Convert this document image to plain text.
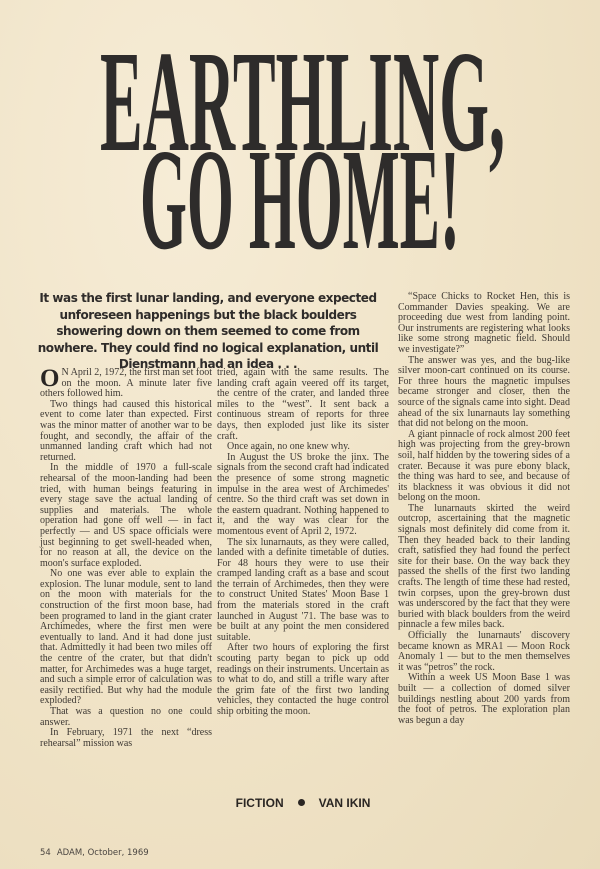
EARTHLING,
GO HOME!
It was the first lunar landing, and everyone expected unforeseen happenings but the black boulders showering down on them seemed to come from nowhere. They could find no logical explanation, until Dienstmann had an idea . . .

O N April 2, 1972, the first man set foot on the moon. A minute later five others followed him.

Two things had caused this historical event to come later than expected. First was the minor matter of another war to be fought, and secondly, the affair of the unmanned landing craft which had not returned.

In the middle of 1970 a full-scale rehearsal of the moon-landing had been tried, with human beings featuring in every stage save the actual landing of supplies and materials. The whole operation had gone off well — in fact perfectly — and US space officials were just beginning to get swell-headed when, for no reason at all, the device on the moon's surface exploded.

No one was ever able to explain the explosion. The lunar module, sent to land on the moon with materials for the construction of the first moon base, had been programed to land in the giant crater Archimedes, where the first men were eventually to land. And it had done just that. Admittedly it had been two miles off the centre of the crater, but that didn't matter, for Archimedes was a huge target, and such a simple error of calculation was easily rectified. But why had the module exploded?

That was a question no one could answer.

In February, 1971 the next “dress rehearsal” mission was

tried, again with the same results. The landing craft again veered off its target, the centre of the crater, and landed three miles to the “west”. It sent back a continuous stream of reports for three days, then exploded just like its sister craft.

Once again, no one knew why.

In August the US broke the jinx. The signals from the second craft had indicated the presence of some strong magnetic impulse in the area west of Archimedes' centre. So the third craft was set down in the eastern quadrant. Nothing happened to it, and the way was clear for the momentous event of April 2, 1972.

The six lunarnauts, as they were called, landed with a definite timetable of duties. For 48 hours they were to use their cramped landing craft as a base and scout the terrain of Archimedes, then they were to construct United States' Moon Base 1 from the materials stored in the craft launched in August '71. The base was to be built at any point the men considered suitable.

After two hours of exploring the first scouting party began to pick up odd readings on their instruments. Uncertain as to what to do, and still a trifle wary after the grim fate of the first two landing vehicles, they contacted the huge control ship orbiting the moon.

“Space Chicks to Rocket Hen, this is Commander Davies speaking. We are proceeding due west from landing point. Our instruments are registering what looks like some strong magnetic field. Should we investigate?”

The answer was yes, and the bug-like silver moon-cart continued on its course. For three hours the magnetic impulses became stronger and closer, then the source of the signals came into sight. Dead ahead of the six lunarnauts lay something that did not belong on the moon.

A giant pinnacle of rock almost 200 feet high was projecting from the grey-brown soil, half hidden by the towering sides of a crater. Because it was pure ebony black, the thing was hard to see, and because of its blackness it was obvious it did not belong on the moon.

The lunarnauts skirted the weird outcrop, ascertaining that the magnetic signals most definitely did come from it. Then they headed back to their landing craft, satisfied they had found the perfect site for their base. On the way back they passed the shells of the first two landing crafts. The length of time these had rested, twin corpses, upon the grey-brown dust was underscored by the fact that they were buried with black boulders from the weird pinnacle a few miles back.

Officially the lunarnauts' discovery became known as MRA1 — Moon Rock Anomaly 1 — but to the men themselves it was “petros” the rock.

Within a week US Moon Base 1 was built — a collection of domed silver buildings nestling about 200 yards from the foot of petros. The exploration plan was begun a day

FICTION	VAN IKIN
54 ADAM, October, 1969
